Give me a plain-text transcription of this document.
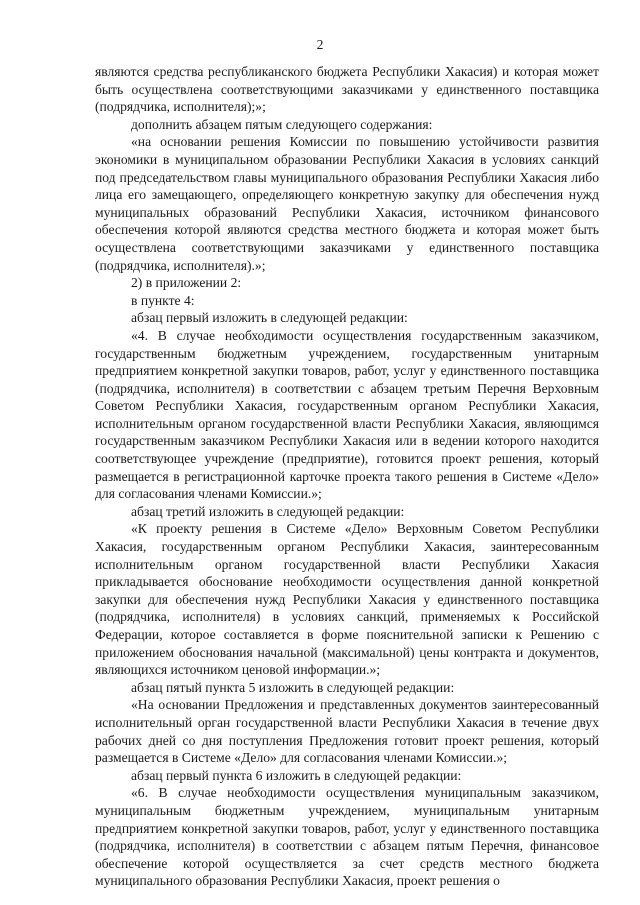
2

являются средства республиканского бюджета Республики Хакасия) и которая может быть осуществлена соответствующими заказчиками у единственного поставщика (подрядчика, исполнителя);»;

дополнить абзацем пятым следующего содержания:

«на основании решения Комиссии по повышению устойчивости развития экономики в муниципальном образовании Республики Хакасия в условиях санкций под председательством главы муниципального образования Республики Хакасия либо лица его замещающего, определяющего конкретную закупку для обеспечения нужд муниципальных образований Республики Хакасия, источником финансового обеспечения которой являются средства местного бюджета и которая может быть осуществлена соответствующими заказчиками у единственного поставщика (подрядчика, исполнителя).»;

2) в приложении 2:

в пункте 4:

абзац первый изложить в следующей редакции:

«4. В случае необходимости осуществления государственным заказчиком, государственным бюджетным учреждением, государственным унитарным предприятием конкретной закупки товаров, работ, услуг у единственного поставщика (подрядчика, исполнителя) в соответствии с абзацем третьим Перечня Верховным Советом Республики Хакасия, государственным органом Республики Хакасия, исполнительным органом государственной власти Республики Хакасия, являющимся государственным заказчиком Республики Хакасия или в ведении которого находится соответствующее учреждение (предприятие), готовится проект решения, который размещается в регистрационной карточке проекта такого решения в Системе «Дело» для согласования членами Комиссии.»;

абзац третий изложить в следующей редакции:

«К проекту решения в Системе «Дело» Верховным Советом Республики Хакасия, государственным органом Республики Хакасия, заинтересованным исполнительным органом государственной власти Республики Хакасия прикладывается обоснование необходимости осуществления данной конкретной закупки для обеспечения нужд Республики Хакасия у единственного поставщика (подрядчика, исполнителя) в условиях санкций, применяемых к Российской Федерации, которое составляется в форме пояснительной записки к Решению с приложением обоснования начальной (максимальной) цены контракта и документов, являющихся источником ценовой информации.»;

абзац пятый пункта 5 изложить в следующей редакции:

«На основании Предложения и представленных документов заинтересованный исполнительный орган государственной власти Республики Хакасия в течение двух рабочих дней со дня поступления Предложения готовит проект решения, который размещается в Системе «Дело» для согласования членами Комиссии.»;

абзац первый пункта 6 изложить в следующей редакции:

«6. В случае необходимости осуществления муниципальным заказчиком, муниципальным бюджетным учреждением, муниципальным унитарным предприятием конкретной закупки товаров, работ, услуг у единственного поставщика (подрядчика, исполнителя) в соответствии с абзацем пятым Перечня, финансовое обеспечение которой осуществляется за счет средств местного бюджета муниципального образования Республики Хакасия, проект решения о
